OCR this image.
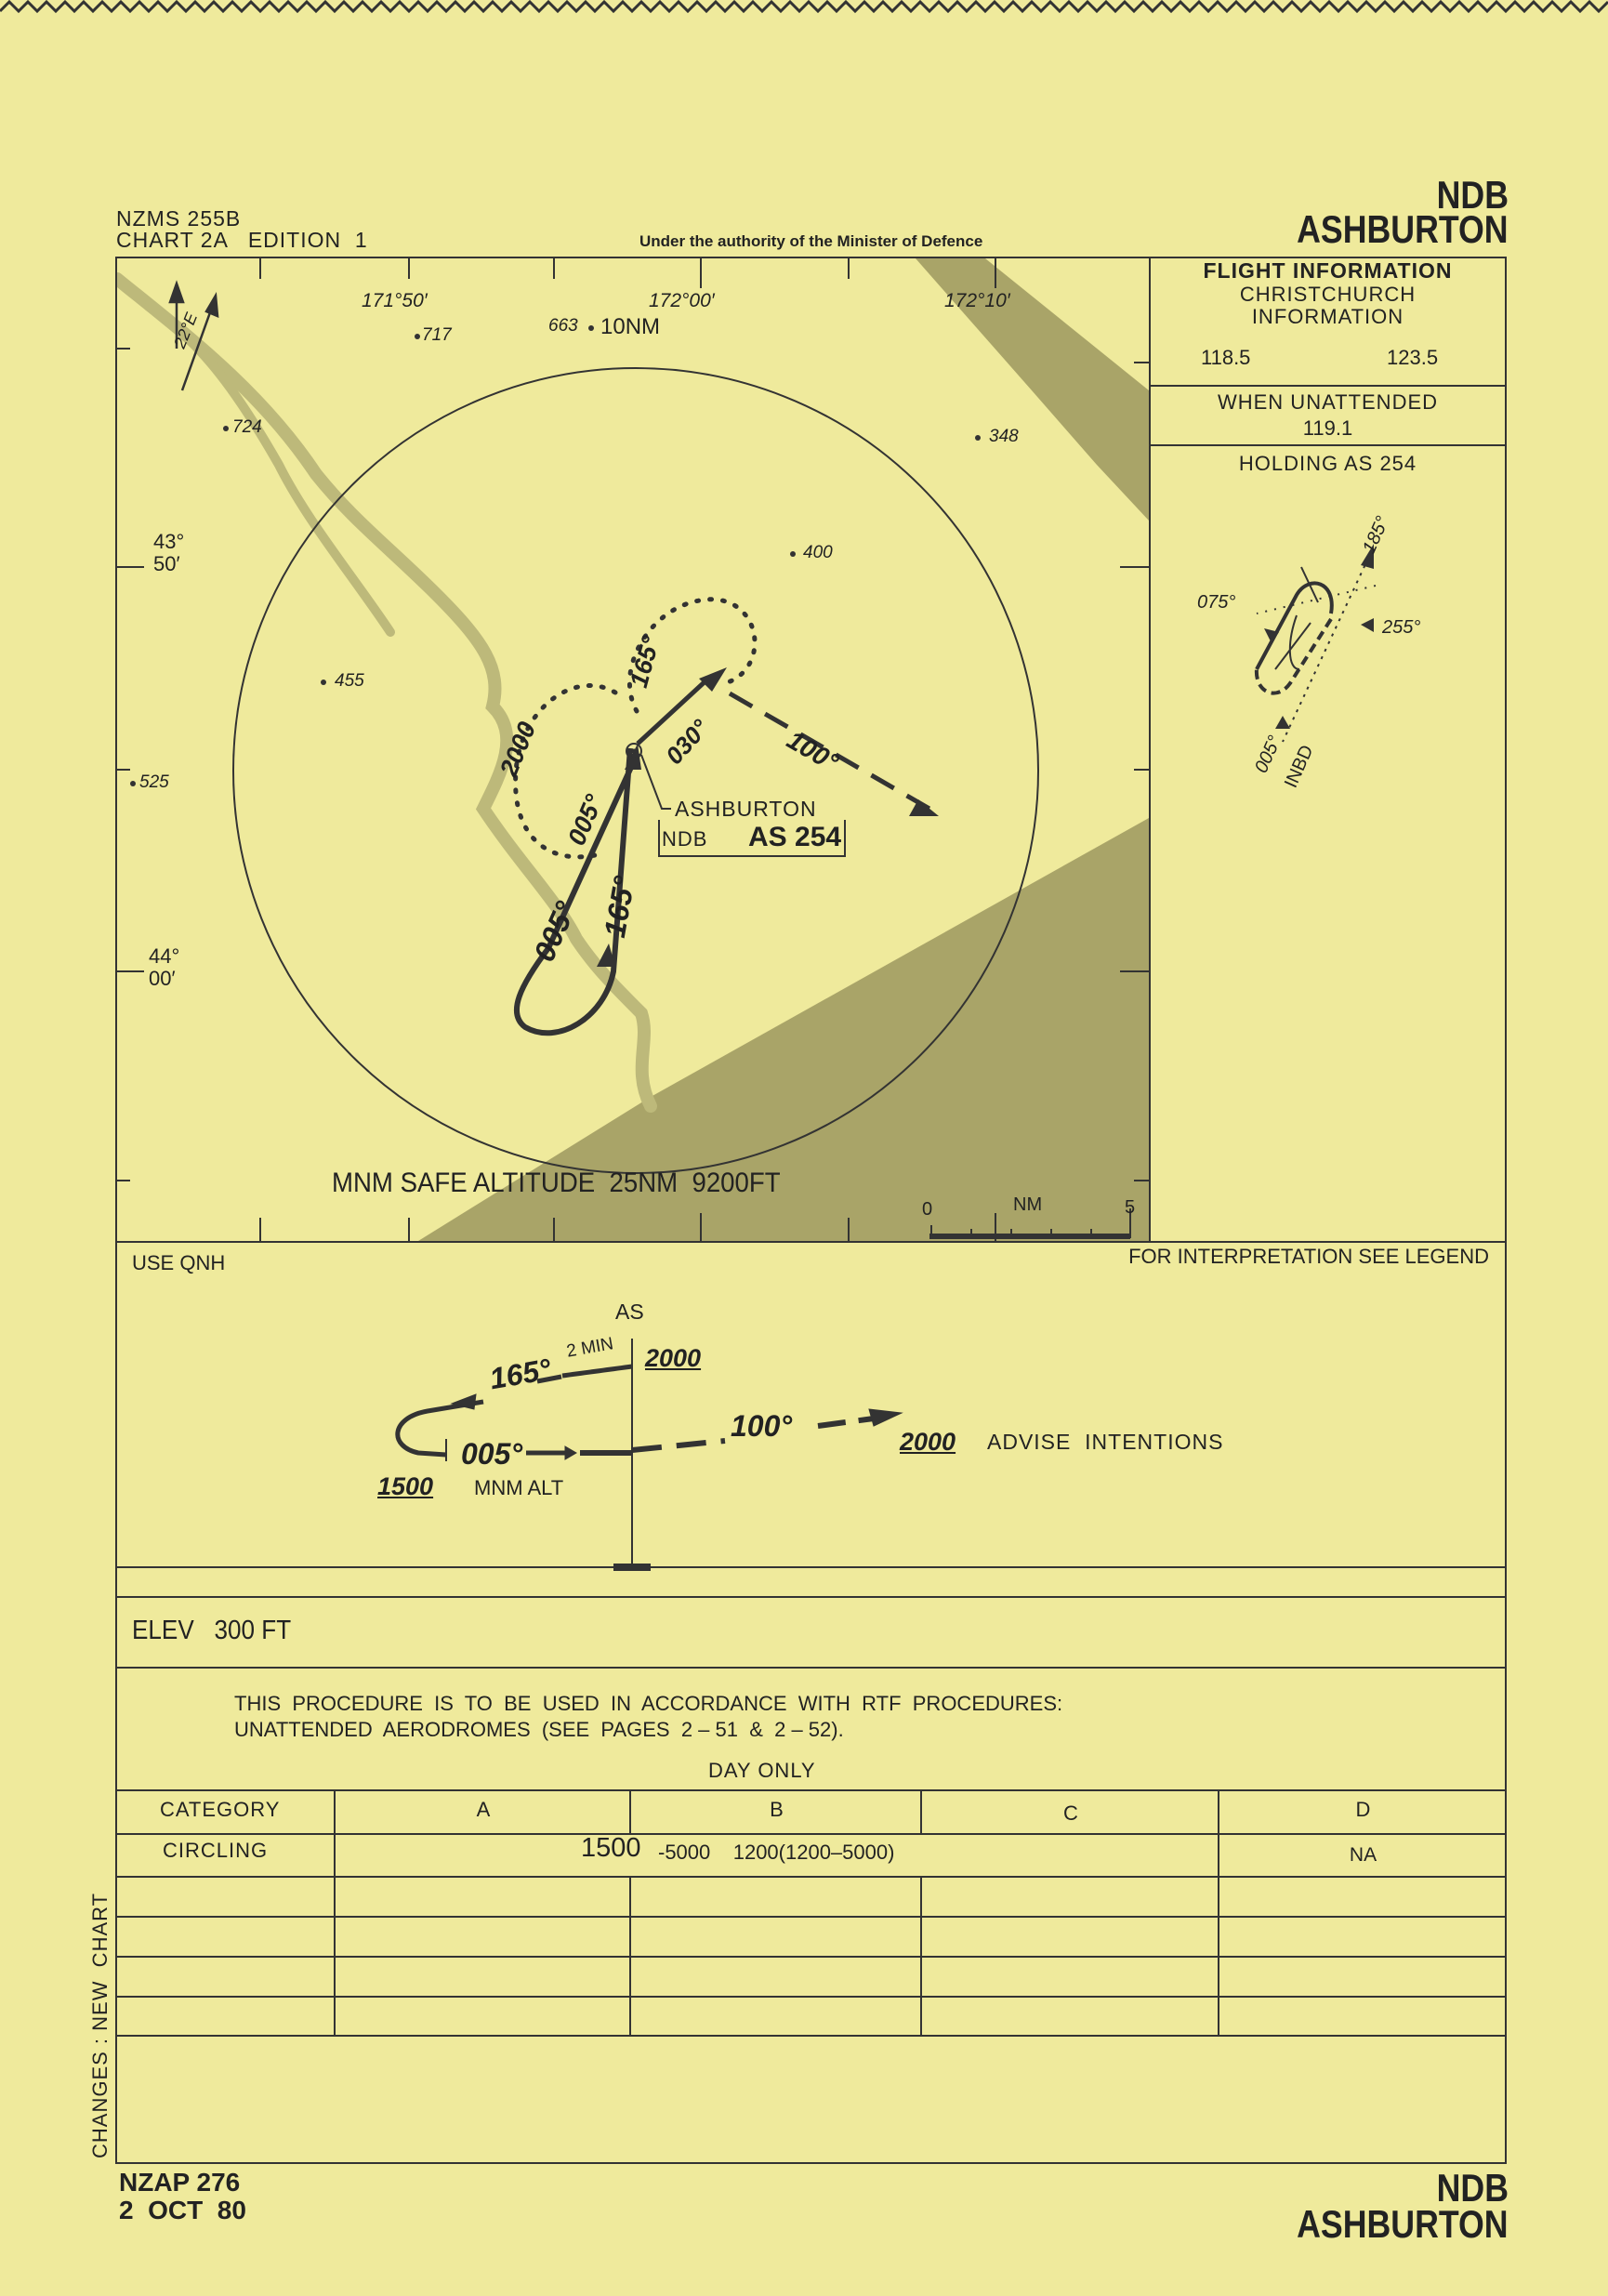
NZMS 255B
CHART 2A   EDITION  1	Under the authority of the Minister of Defence
NDB
ASHBURTON
171°50′	172°00′	172°10′
43°
50′
44°
00′
22°E	717	663 10NM
724	348
400
455
525
2000
165°
030°	100°
005°
005° 165°
ASHBURTON
NDB AS 254
MNM SAFE ALTITUDE  25NM  9200FT
0	NM	5
FLIGHT INFORMATION
CHRISTCHURCH
INFORMATION
118.5	123.5
WHEN UNATTENDED
119.1
HOLDING AS 254
185°
075°
255°
005°
INBD
USE QNH	FOR INTERPRETATION SEE LEGEND
AS
165°
2 MIN 2000
005°
100°	2000 ADVISE  INTENTIONS
1500 MNM ALT
ELEV   300 FT
THIS  PROCEDURE  IS  TO  BE  USED  IN  ACCORDANCE  WITH  RTF  PROCEDURES:
UNATTENDED  AERODROMES  (SEE  PAGES  2 – 51  &  2 – 52).
DAY ONLY
CATEGORY	A	B	C	D
CIRCLING	1500 -5000    1200(1200–5000)	NA
CHANGES : NEW  CHART
NZAP 276
2  OCT  80
NDB
ASHBURTON
